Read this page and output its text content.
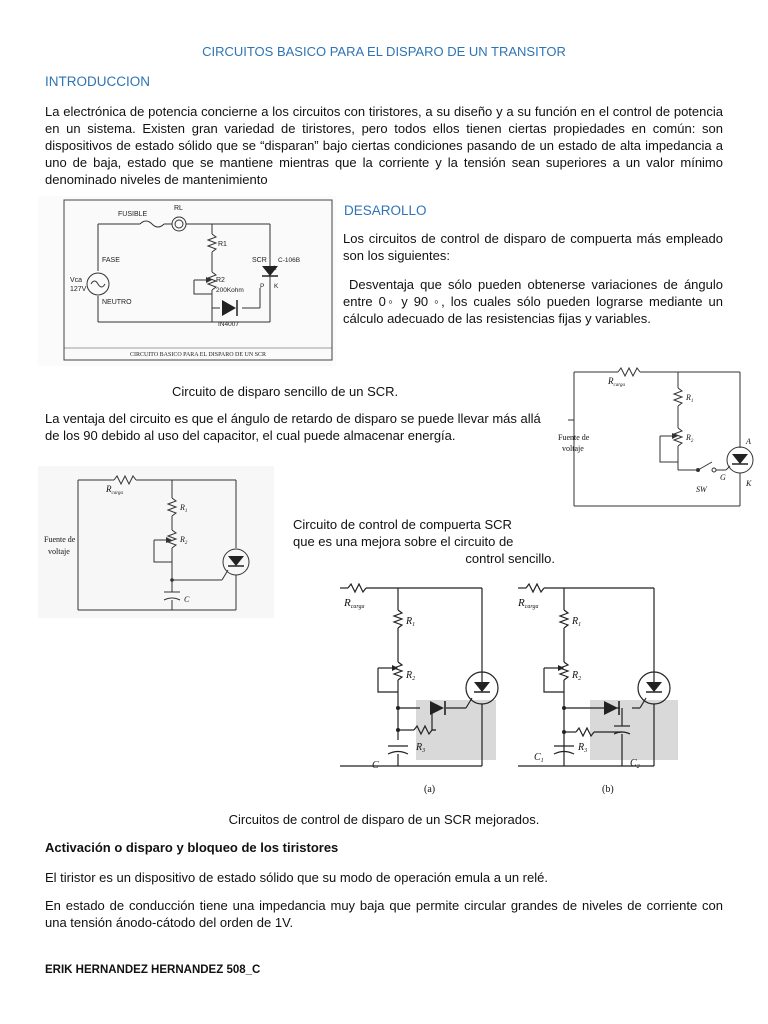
CIRCUITOS BASICO PARA EL DISPARO DE UN TRANSITOR
INTRODUCCION
La electrónica de potencia concierne a los circuitos con tiristores, a su diseño y a su función en el control de potencia en un sistema. Existen gran variedad de tiristores, pero todos ellos tienen ciertas propiedades en común: son dispositivos de estado sólido que se “disparan” bajo ciertas condiciones pasando de un estado de alta impedancia a uno de baja, estado que se mantiene mientras que la corriente y la tensión sean superiores a un valor mínimo denominado niveles de mantenimiento
FUSIBLE
RL
R1
R2
200Kohm
SCR C-106B
A
P K
FASE
Vca
127V
NEUTRO
IN4007
CIRCUITO BASICO PARA EL DISPARO DE UN SCR
DESAROLLO
Los circuitos de control de disparo de compuerta más empleado son los siguientes:
Desventaja que sólo pueden obtenerse variaciones de ángulo entre 0◦ y 90 ◦, los cuales sólo pueden lograrse mediante un cálculo adecuado de las resistencias fijas y variables.
$R_{carga}$
$R_1$
$R_2$
Fuente de
voltaje
A
K
G
SW
Circuito de disparo sencillo de un SCR.
La ventaja del circuito es que el ángulo de retardo de disparo se puede llevar más allá de los 90 debido al uso del capacitor, el cual puede almacenar energía.
$R_{carga}$
$R_1$
$R_2$
Fuente de
voltaje
C
Circuito de control de compuerta SCR
que es una mejora sobre el circuito de
control sencillo.
Rcarga
$R_1$
$R_2$
$R_3$
C
(a)
Rcarga
$R_1$
$R_2$
$R_3$
$C_1$	$C_2$
(b)
Circuitos de control de disparo de un SCR mejorados.
Activación o disparo y bloqueo de los tiristores
El tiristor es un dispositivo de estado sólido que su modo de operación emula a un relé.
En estado de conducción tiene una impedancia muy baja que permite circular grandes de niveles de corriente con una tensión ánodo-cátodo del orden de 1V.
ERIK HERNANDEZ HERNANDEZ 508_C
